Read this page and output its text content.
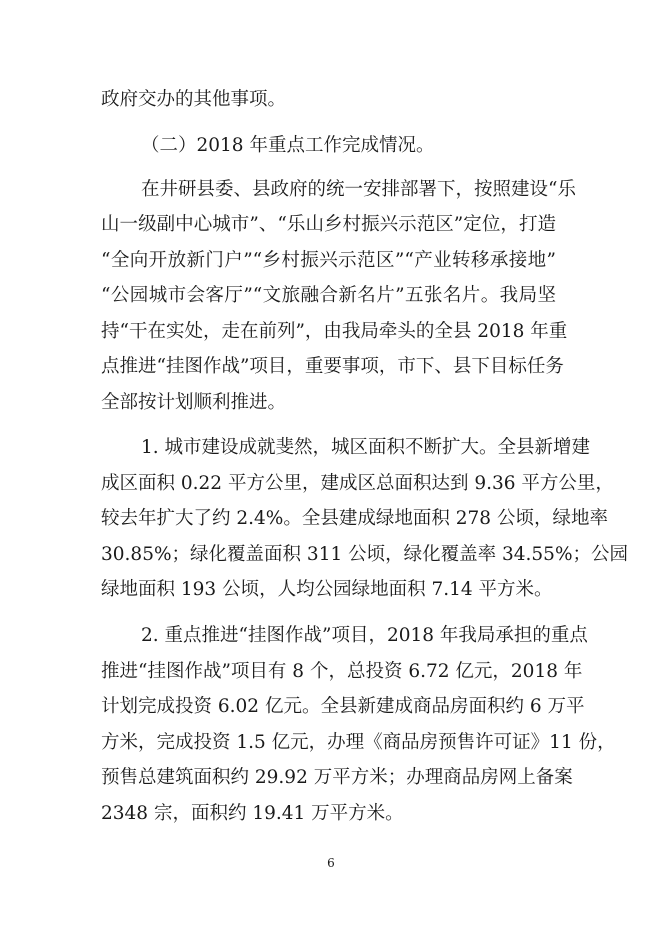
政府交办的其他事项。
（二）2018 年重点工作完成情况。
在井研县委、县政府的统一安排部署下，按照建设“乐
山一级副中心城市”、“乐山乡村振兴示范区”定位，打造
“全向开放新门户”“乡村振兴示范区”“产业转移承接地”
“公园城市会客厅”“文旅融合新名片”五张名片。我局坚
持“干在实处，走在前列”，由我局牵头的全县 2018 年重
点推进“挂图作战”项目，重要事项，市下、县下目标任务
全部按计划顺利推进。
1. 城市建设成就斐然，城区面积不断扩大。全县新增建
成区面积 0.22 平方公里，建成区总面积达到 9.36 平方公里，
较去年扩大了约 2.4%。全县建成绿地面积 278 公顷，绿地率
30.85%；绿化覆盖面积 311 公顷，绿化覆盖率 34.55%；公园
绿地面积 193 公顷，人均公园绿地面积 7.14 平方米。
2. 重点推进“挂图作战”项目，2018 年我局承担的重点
推进“挂图作战”项目有 8 个，总投资 6.72 亿元，2018 年
计划完成投资 6.02 亿元。全县新建成商品房面积约 6 万平
方米，完成投资 1.5 亿元，办理《商品房预售许可证》11 份，
预售总建筑面积约 29.92 万平方米；办理商品房网上备案
2348 宗，面积约 19.41 万平方米。
6
